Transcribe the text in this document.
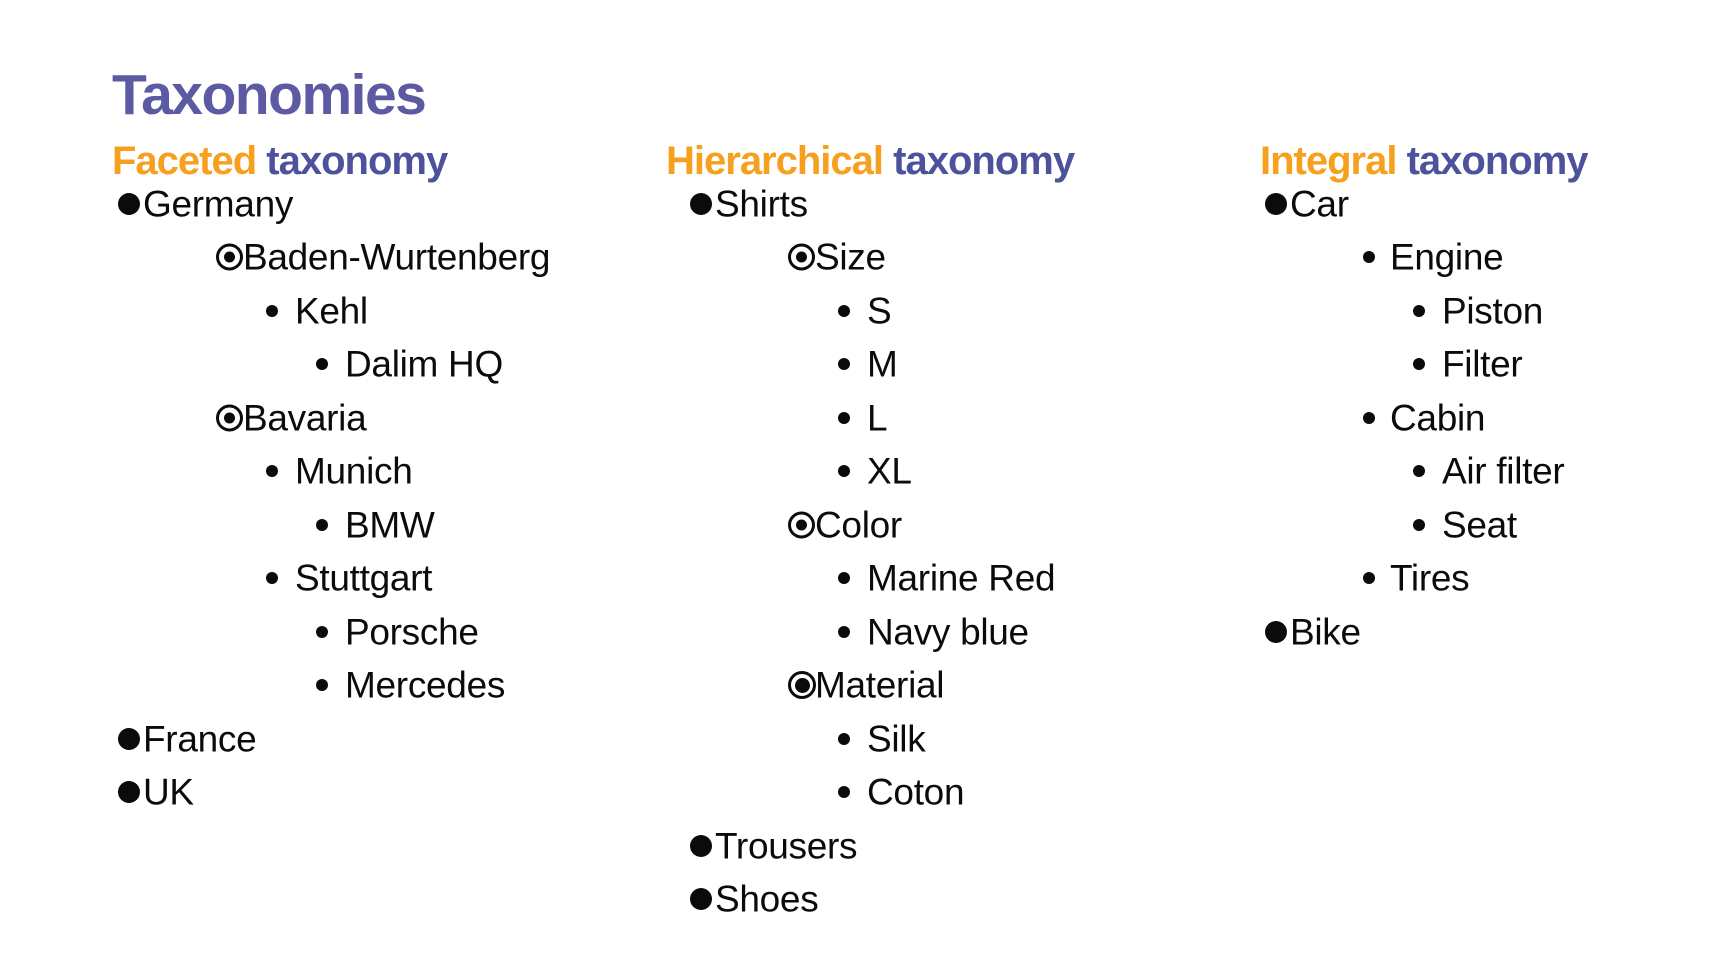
Taxonomies
Faceted taxonomy	Hierarchical taxonomy	Integral taxonomy
Germany
Baden-Wurtenberg
Kehl
Dalim HQ
Bavaria
Munich
BMW
Stuttgart
Porsche
Mercedes
France
UK
Shirts
Size
S
M
L
XL
Color
Marine Red
Navy blue
Material
Silk
Coton
Trousers
Shoes
Car
Engine
Piston
Filter
Cabin
Air filter
Seat
Tires
Bike
